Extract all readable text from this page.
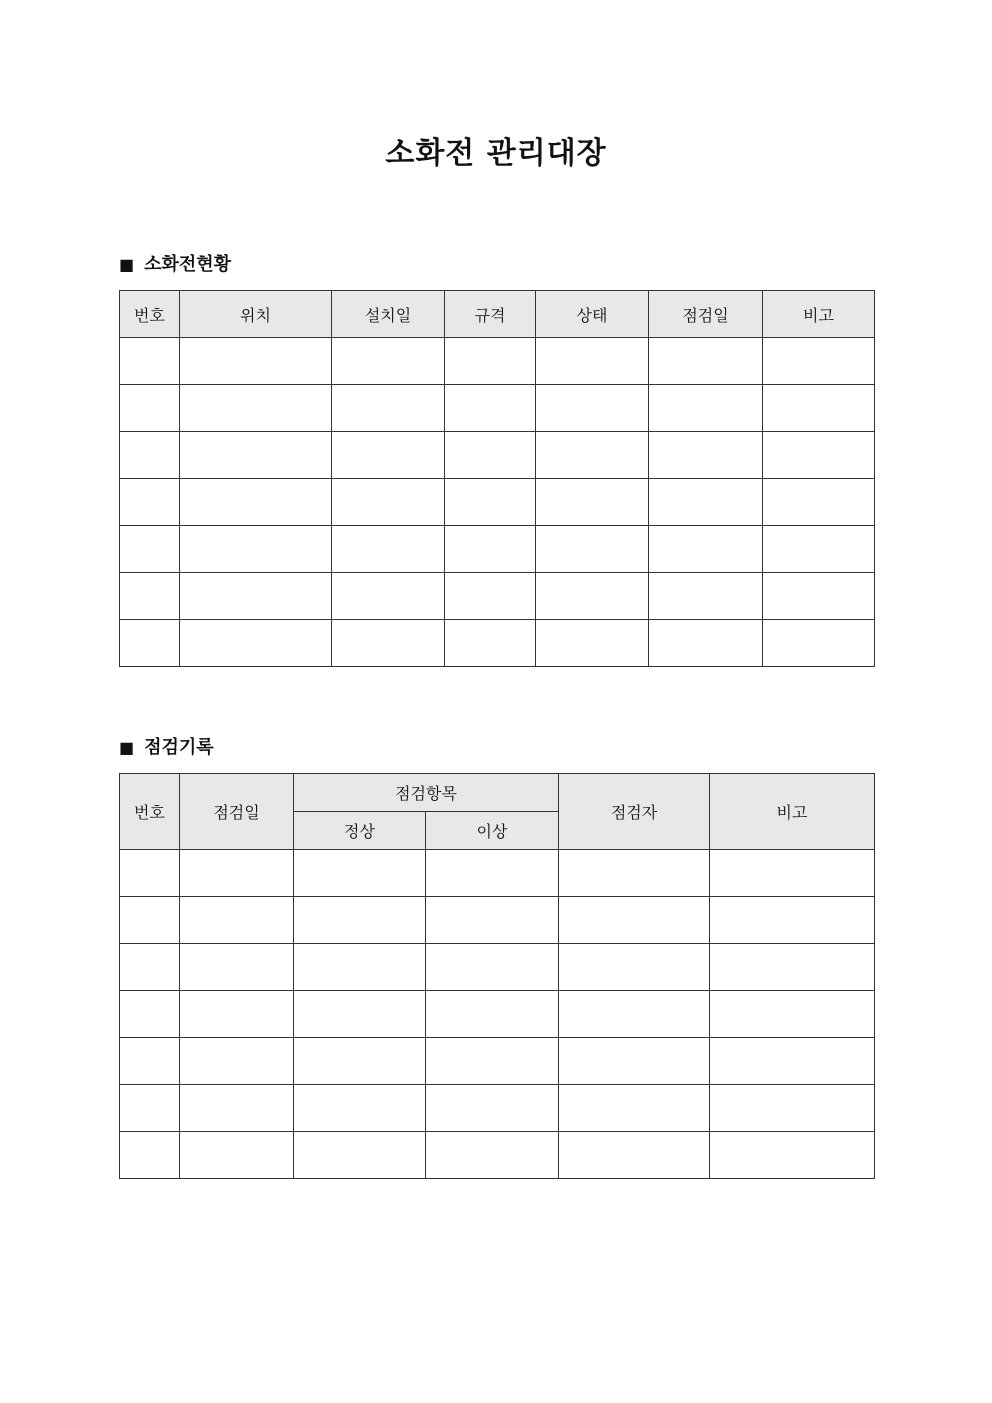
소화전 관리대장
■ 소화전현황
번호	위치	설치일	규격	상태	점검일	비고

■ 점검기록
번호	점검일	점검항목		점검자	비고
		정상	이상		
